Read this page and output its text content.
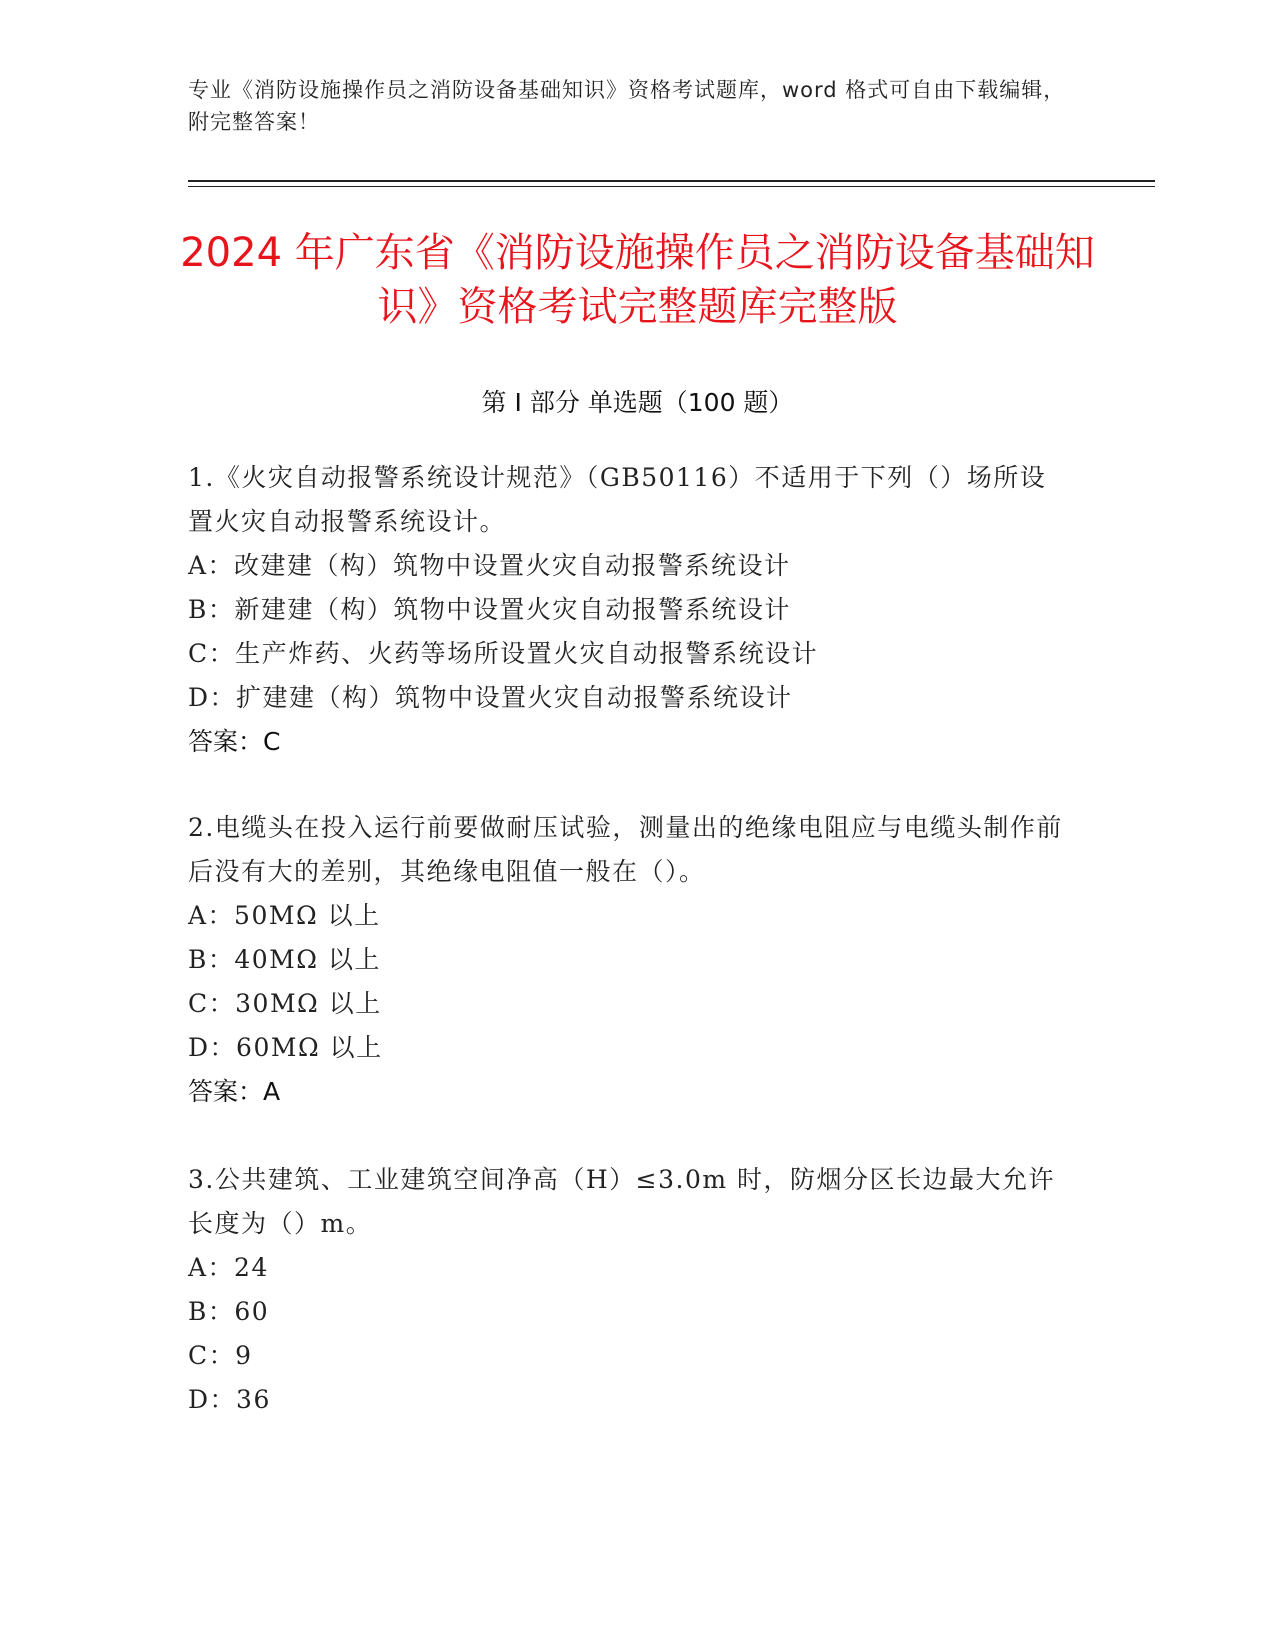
专业《消防设施操作员之消防设备基础知识》资格考试题库，word 格式可自由下载编辑，附完整答案！
2024 年广东省《消防设施操作员之消防设备基础知识》资格考试完整题库完整版
第 I 部分 单选题（100 题）

1.《火灾自动报警系统设计规范》（GB50116）不适用于下列（）场所设置火灾自动报警系统设计。

A：改建建（构）筑物中设置火灾自动报警系统设计

B：新建建（构）筑物中设置火灾自动报警系统设计

C：生产炸药、火药等场所设置火灾自动报警系统设计

D：扩建建（构）筑物中设置火灾自动报警系统设计

答案：C

2.电缆头在投入运行前要做耐压试验，测量出的绝缘电阻应与电缆头制作前后没有大的差别，其绝缘电阻值一般在（）。

A：50MΩ 以上

B：40MΩ 以上

C：30MΩ 以上

D：60MΩ 以上

答案：A

3.公共建筑、工业建筑空间净高（H）≤3.0m 时，防烟分区长边最大允许长度为（）m。

A：24

B：60

C：9

D：36
